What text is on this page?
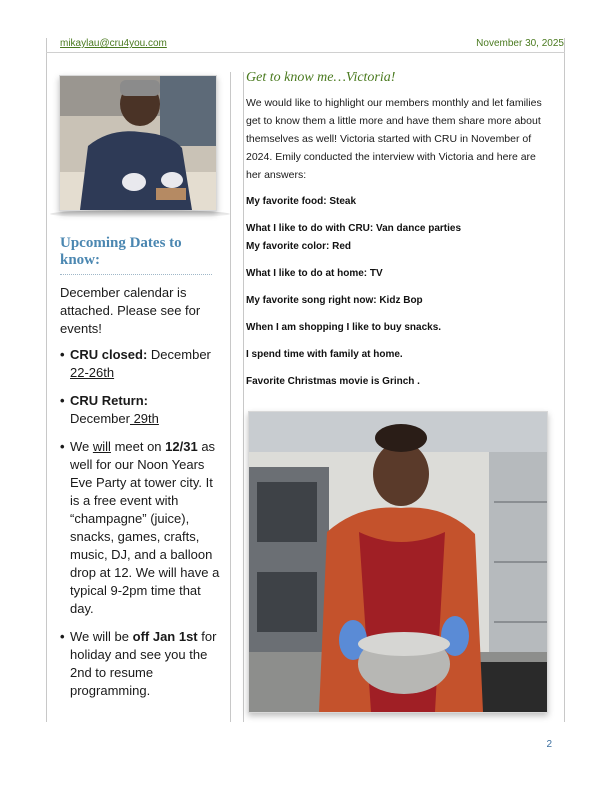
mikaylau@cru4you.com	November 30, 2025
Upcoming Dates to know:
December calendar is attached. Please see for events!
• CRU closed: December 22-26th
• CRU Return:
December 29th
• We will meet on 12/31 as well for our Noon Years Eve Party at tower city. It is a free event with “champagne” (juice), snacks, games, crafts, music, DJ, and a balloon drop at 12. We will have a typical 9-2pm time that day.
• We will be off Jan 1st for holiday and see you the 2nd to resume programming.
Get to know me…Victoria!
We would like to highlight our members monthly and let families get to know them a little more and have them share more about themselves as well! Victoria started with CRU in November of 2024. Emily conducted the interview with Victoria and here are her answers:
My favorite food: Steak
What I like to do with CRU: Van dance parties
My favorite color: Red
What I like to do at home: TV
My favorite song right now: Kidz Bop
When I am shopping I like to buy snacks.
I spend time with family at home.
Favorite Christmas movie is Grinch .
2
